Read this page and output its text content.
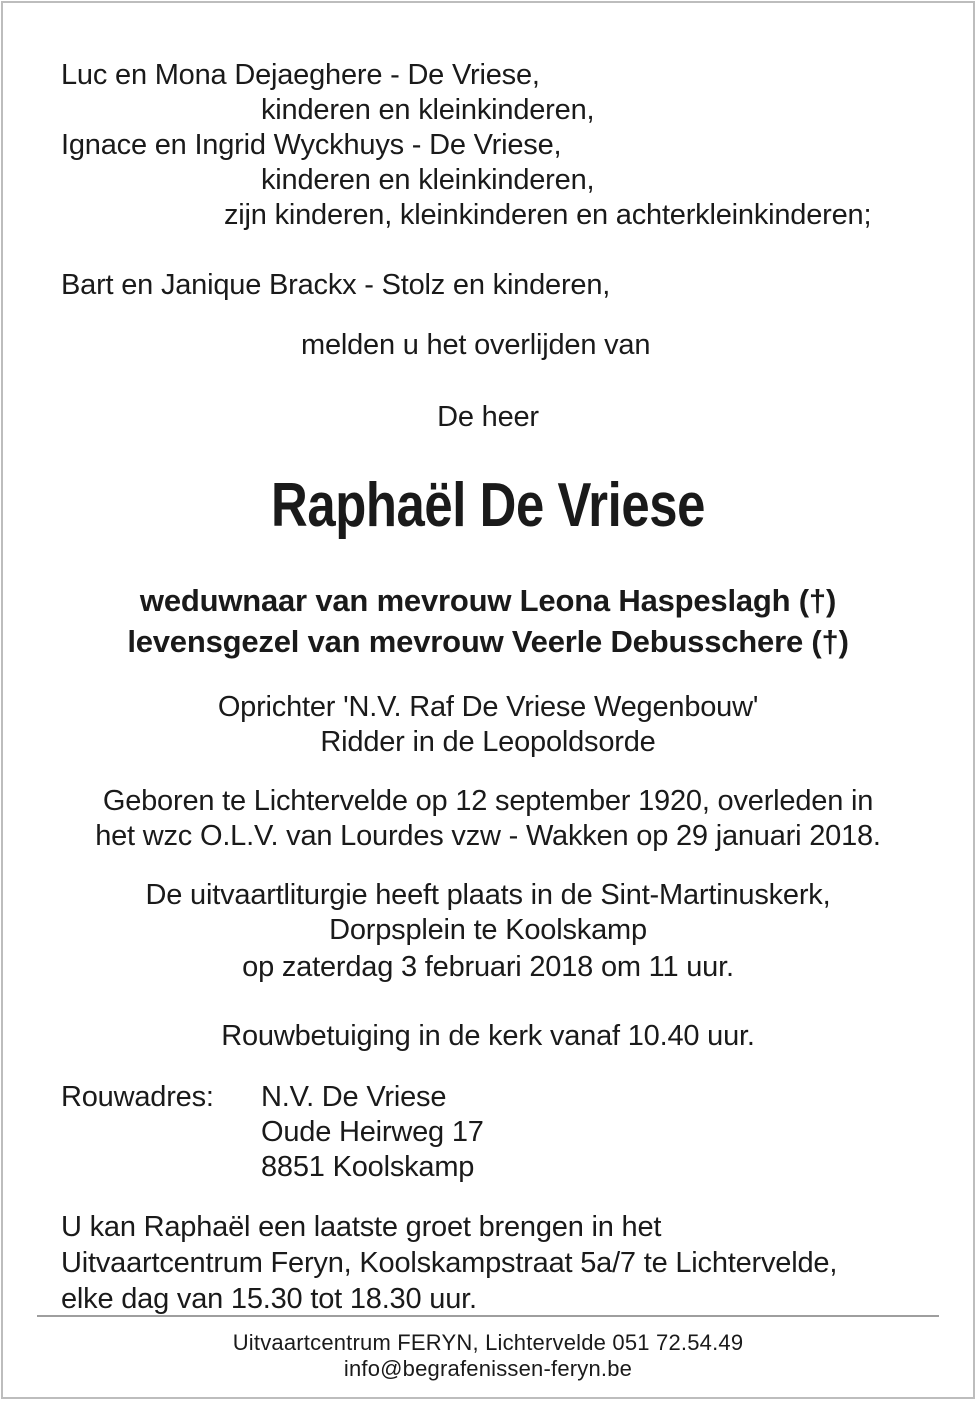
Luc en Mona Dejaeghere - De Vriese,
kinderen en kleinkinderen,
Ignace en Ingrid Wyckhuys - De Vriese,
kinderen en kleinkinderen,
zijn kinderen, kleinkinderen en achterkleinkinderen;
Bart en Janique Brackx - Stolz en kinderen,
melden u het overlijden van
De heer
Raphaël De Vriese
weduwnaar van mevrouw Leona Haspeslagh (†)
levensgezel van mevrouw Veerle Debusschere (†)
Oprichter 'N.V. Raf De Vriese Wegenbouw'
Ridder in de Leopoldsorde
Geboren te Lichtervelde op 12 september 1920, overleden in
het wzc O.L.V. van Lourdes vzw - Wakken op 29 januari 2018.
De uitvaartliturgie heeft plaats in de Sint-Martinuskerk,
Dorpsplein te Koolskamp
op zaterdag 3 februari 2018 om 11 uur.
Rouwbetuiging in de kerk vanaf 10.40 uur.
Rouwadres: N.V. De Vriese
Oude Heirweg 17
8851 Koolskamp
U kan Raphaël een laatste groet brengen in het
Uitvaartcentrum Feryn, Koolskampstraat 5a/7 te Lichtervelde,
elke dag van 15.30 tot 18.30 uur.
Uitvaartcentrum FERYN, Lichtervelde 051 72.54.49
info@begrafenissen-feryn.be
